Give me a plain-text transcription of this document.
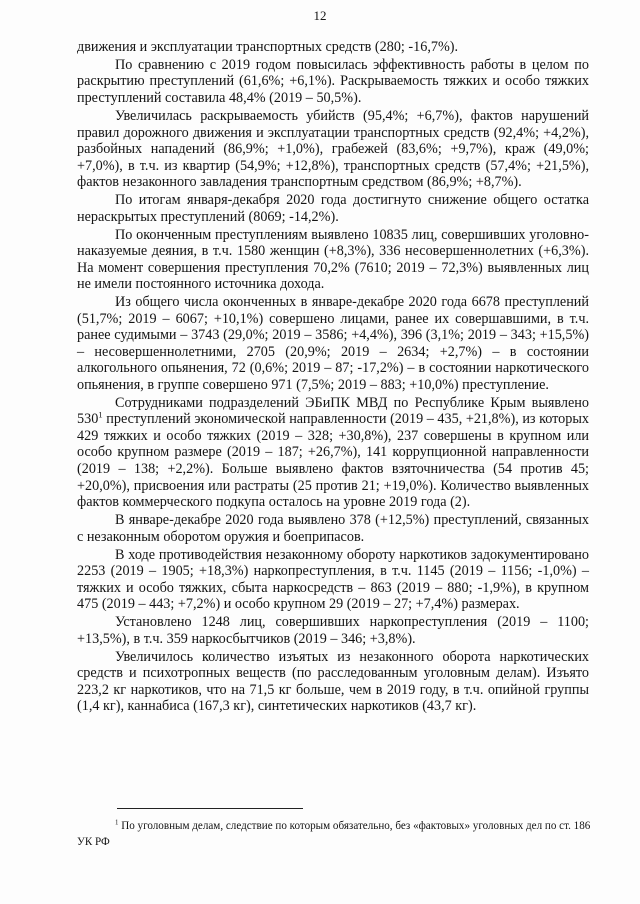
12

движения и эксплуатации транспортных средств (280; -16,7%).

По сравнению с 2019 годом повысилась эффективность работы в целом по раскрытию преступлений (61,6%; +6,1%). Раскрываемость тяжких и особо тяжких преступлений составила 48,4% (2019 – 50,5%).

Увеличилась раскрываемость убийств (95,4%; +6,7%), фактов нарушений правил дорожного движения и эксплуатации транспортных средств (92,4%; +4,2%), разбойных нападений (86,9%; +1,0%), грабежей (83,6%; +9,7%), краж (49,0%; +7,0%), в т.ч. из квартир (54,9%; +12,8%), транспортных средств (57,4%; +21,5%), фактов незаконного завладения транспортным средством (86,9%; +8,7%).

По итогам января-декабря 2020 года достигнуто снижение общего остатка нераскрытых преступлений (8069; -14,2%).

По оконченным преступлениям выявлено 10835 лиц, совершивших уголовно-наказуемые деяния, в т.ч. 1580 женщин (+8,3%), 336 несовершеннолетних (+6,3%). На момент совершения преступления 70,2% (7610; 2019 – 72,3%) выявленных лиц не имели постоянного источника дохода.

Из общего числа оконченных в январе-декабре 2020 года 6678 преступлений (51,7%; 2019 – 6067; +10,1%) совершено лицами, ранее их совершавшими, в т.ч. ранее судимыми – 3743 (29,0%; 2019 – 3586; +4,4%), 396 (3,1%; 2019 – 343; +15,5%) – несовершеннолетними, 2705 (20,9%; 2019 – 2634; +2,7%) – в состоянии алкогольного опьянения, 72 (0,6%; 2019 – 87; -17,2%) – в состоянии наркотического опьянения, в группе совершено 971 (7,5%; 2019 – 883; +10,0%) преступление.

Сотрудниками подразделений ЭБиПК МВД по Республике Крым выявлено $530^1$ преступлений экономической направленности (2019 – 435, +21,8%), из которых 429 тяжких и особо тяжких (2019 – 328; +30,8%), 237 совершены в крупном или особо крупном размере (2019 – 187; +26,7%), 141 коррупционной направленности (2019 – 138; +2,2%). Больше выявлено фактов взяточничества (54 против 45; +20,0%), присвоения или растраты (25 против 21; +19,0%). Количество выявленных фактов коммерческого подкупа осталось на уровне 2019 года (2).

В январе-декабре 2020 года выявлено 378 (+12,5%) преступлений, связанных с незаконным оборотом оружия и боеприпасов.

В ходе противодействия незаконному обороту наркотиков задокументировано 2253 (2019 – 1905; +18,3%) наркопреступления, в т.ч. 1145 (2019 – 1156; -1,0%) – тяжких и особо тяжких, сбыта наркосредств – 863 (2019 – 880; -1,9%), в крупном 475 (2019 – 443; +7,2%) и особо крупном 29 (2019 – 27; +7,4%) размерах.

Установлено 1248 лиц, совершивших наркопреступления (2019 – 1100; +13,5%), в т.ч. 359 наркосбытчиков (2019 – 346; +3,8%).

Увеличилось количество изъятых из незаконного оборота наркотических средств и психотропных веществ (по расследованным уголовным делам). Изъято 223,2 кг наркотиков, что на 71,5 кг больше, чем в 2019 году, в т.ч. опийной группы (1,4 кг), каннабиса (167,3 кг), синтетических наркотиков (43,7 кг).

$^1$ По уголовным делам, следствие по которым обязательно, без «фактовых» уголовных дел по ст. 186 УК РФ
